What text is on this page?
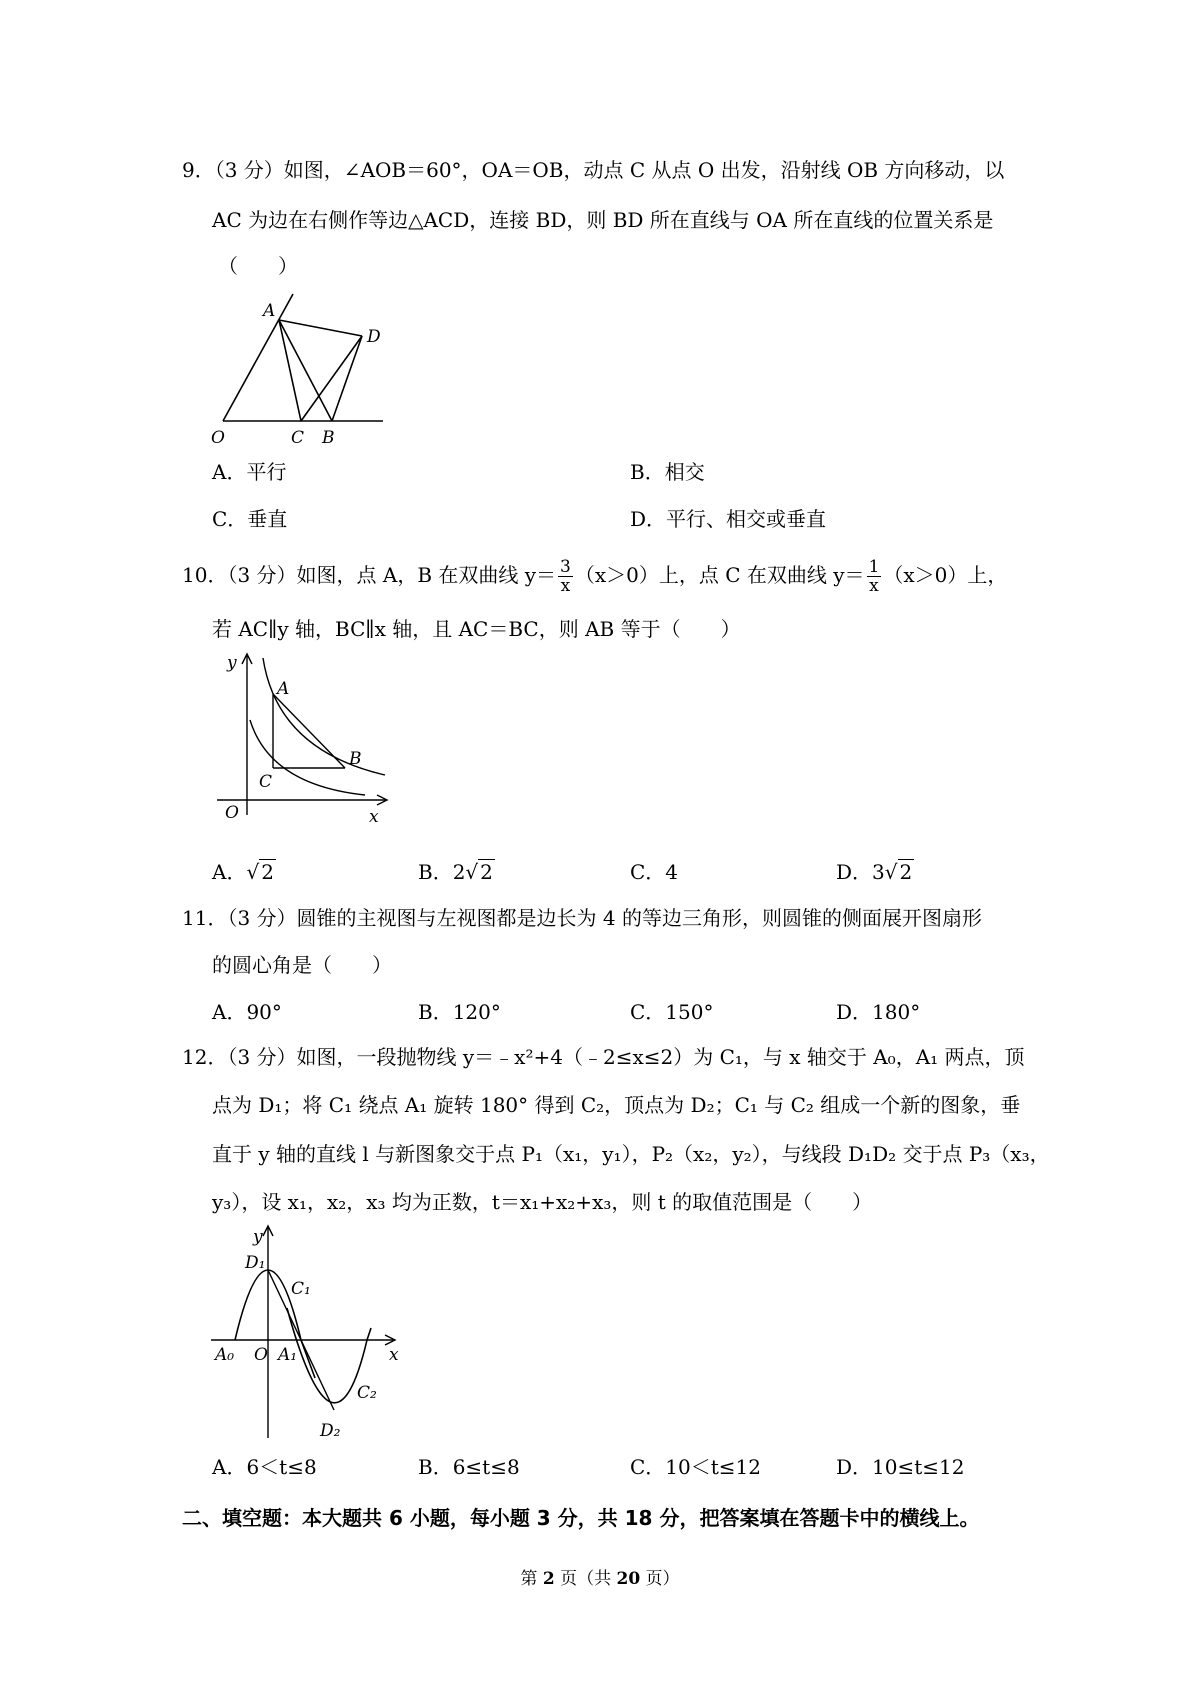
9．（3 分）如图，∠AOB＝60°，OA＝OB，动点 C 从点 O 出发，沿射线 OB 方向移动，以
AC 为边在右侧作等边△ACD，连接 BD，则 BD 所在直线与 OA 所在直线的位置关系是
（　　）
A
D
O	C B
A．平行	B．相交
C．垂直	D．平行、相交或垂直
10．（3 分）如图，点 A，B 在双曲线 $y= \frac{3}{x} (x>0)$上，点 C 在双曲线 $y= \frac{1}{x} (x>0)$上，
若 AC∥y 轴，BC∥x 轴，且 AC＝BC，则 AB 等于（　　）
y
A
B
C
O	x
A．√ 2	B．2√ 2	C．4	D．3√ 2
11．（3 分）圆锥的主视图与左视图都是边长为 4 的等边三角形，则圆锥的侧面展开图扇形
的圆心角是（　　）
A．90°	B．120°	C．150°	D．180°
12．（3 分）如图，一段抛物线 y＝﹣x²+4（﹣2≤x≤2）为 C₁，与 x 轴交于 A₀，A₁ 两点，顶
点为 D₁；将 C₁ 绕点 A₁ 旋转 180° 得到 C₂，顶点为 D₂；C₁ 与 C₂ 组成一个新的图象，垂
直于 y 轴的直线 l 与新图象交于点 P₁（x₁，y₁），P₂（x₂，y₂），与线段 D₁D₂ 交于点 P₃（x₃，
y₃），设 x₁，x₂，x₃ 均为正数，t＝x₁+x₂+x₃，则 t 的取值范围是（　　）
y
D₁
C₁
A₀ O A₁	x
C₂
D₂
A．6＜t≤8	B．6≤t≤8	C．10＜t≤12	D．10≤t≤12
二、填空题：本大题共 6 小题，每小题 3 分，共 18 分，把答案填在答题卡中的横线上。
第 2 页（共 20 页）
